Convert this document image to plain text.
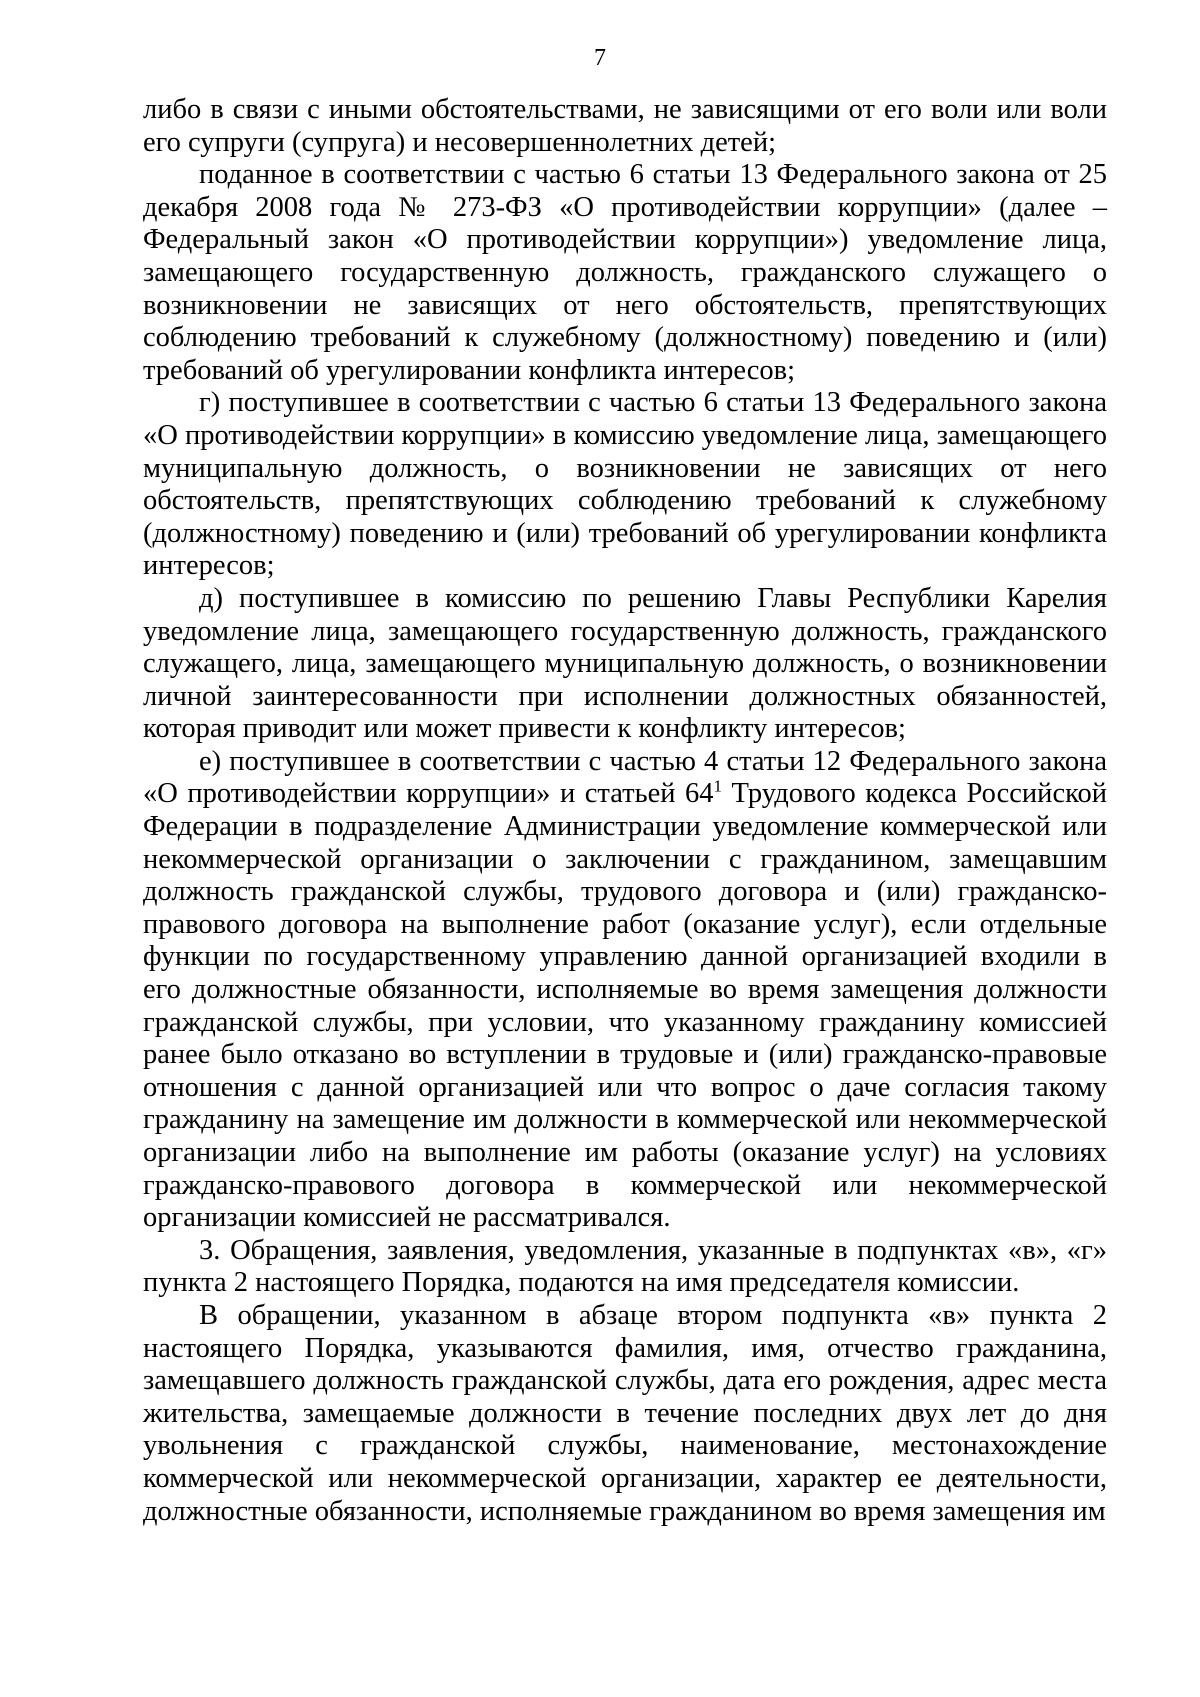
7

либо в связи с иными обстоятельствами, не зависящими от его воли или воли его супруги (супруга) и несовершеннолетних детей;

поданное в соответствии с частью 6 статьи 13 Федерального закона от 25 декабря 2008 года № 273-ФЗ «О противодействии коррупции» (далее – Федеральный закон «О противодействии коррупции») уведомление лица, замещающего государственную должность, гражданского служащего о возникновении не зависящих от него обстоятельств, препятствующих соблюдению требований к служебному (должностному) поведению и (или) требований об урегулировании конфликта интересов;

г) поступившее в соответствии с частью 6 статьи 13 Федерального закона «О противодействии коррупции» в комиссию уведомление лица, замещающего муниципальную должность, о возникновении не зависящих от него обстоятельств, препятствующих соблюдению требований к служебному (должностному) поведению и (или) требований об урегулировании конфликта интересов;

д) поступившее в комиссию по решению Главы Республики Карелия уведомление лица, замещающего государственную должность, гражданского служащего, лица, замещающего муниципальную должность, о возникновении личной заинтересованности при исполнении должностных обязанностей, которая приводит или может привести к конфликту интересов;

е) поступившее в соответствии с частью 4 статьи 12 Федерального закона «О противодействии коррупции» и статьей $64^1$ Трудового кодекса Российской Федерации в подразделение Администрации уведомление коммерческой или некоммерческой организации о заключении с гражданином, замещавшим должность гражданской службы, трудового договора и (или) гражданско-правового договора на выполнение работ (оказание услуг), если отдельные функции по государственному управлению данной организацией входили в его должностные обязанности, исполняемые во время замещения должности гражданской службы, при условии, что указанному гражданину комиссией ранее было отказано во вступлении в трудовые и (или) гражданско-правовые отношения с данной организацией или что вопрос о даче согласия такому гражданину на замещение им должности в коммерческой или некоммерческой организации либо на выполнение им работы (оказание услуг) на условиях гражданско-правового договора в коммерческой или некоммерческой организации комиссией не рассматривался.

3. Обращения, заявления, уведомления, указанные в подпунктах «в», «г» пункта 2 настоящего Порядка, подаются на имя председателя комиссии.

В обращении, указанном в абзаце втором подпункта «в» пункта 2 настоящего Порядка, указываются фамилия, имя, отчество гражданина, замещавшего должность гражданской службы, дата его рождения, адрес места жительства, замещаемые должности в течение последних двух лет до дня увольнения с гражданской службы, наименование, местонахождение коммерческой или некоммерческой организации, характер ее деятельности, должностные обязанности, исполняемые гражданином во время замещения им
